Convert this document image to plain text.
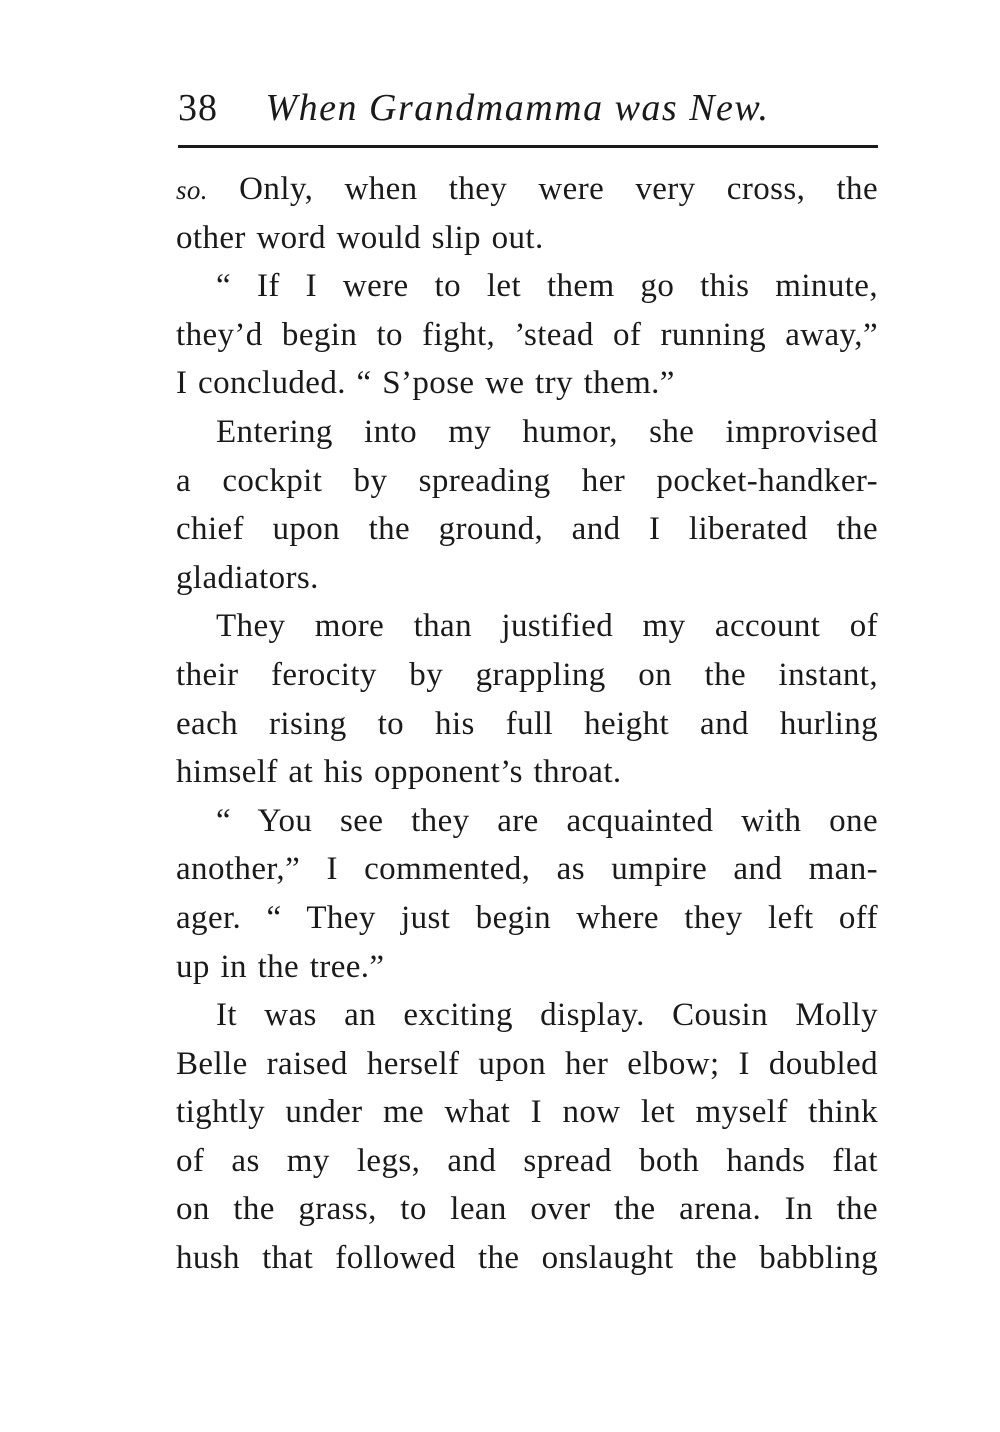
38 When Grandmamma was New.
so. Only, when they were very cross, the
other word would slip out.
“ If I were to let them go this minute,
they’d begin to fight, ’stead of running away,”
I concluded. “ S’pose we try them.”
Entering into my humor, she improvised
a cockpit by spreading her pocket-handker-
chief upon the ground, and I liberated the
gladiators.
They more than justified my account of
their ferocity by grappling on the instant,
each rising to his full height and hurling
himself at his opponent’s throat.
“ You see they are acquainted with one
another,” I commented, as umpire and man-
ager. “ They just begin where they left off
up in the tree.”
It was an exciting display. Cousin Molly
Belle raised herself upon her elbow; I doubled
tightly under me what I now let myself think
of as my legs, and spread both hands flat
on the grass, to lean over the arena. In the
hush that followed the onslaught the babbling
